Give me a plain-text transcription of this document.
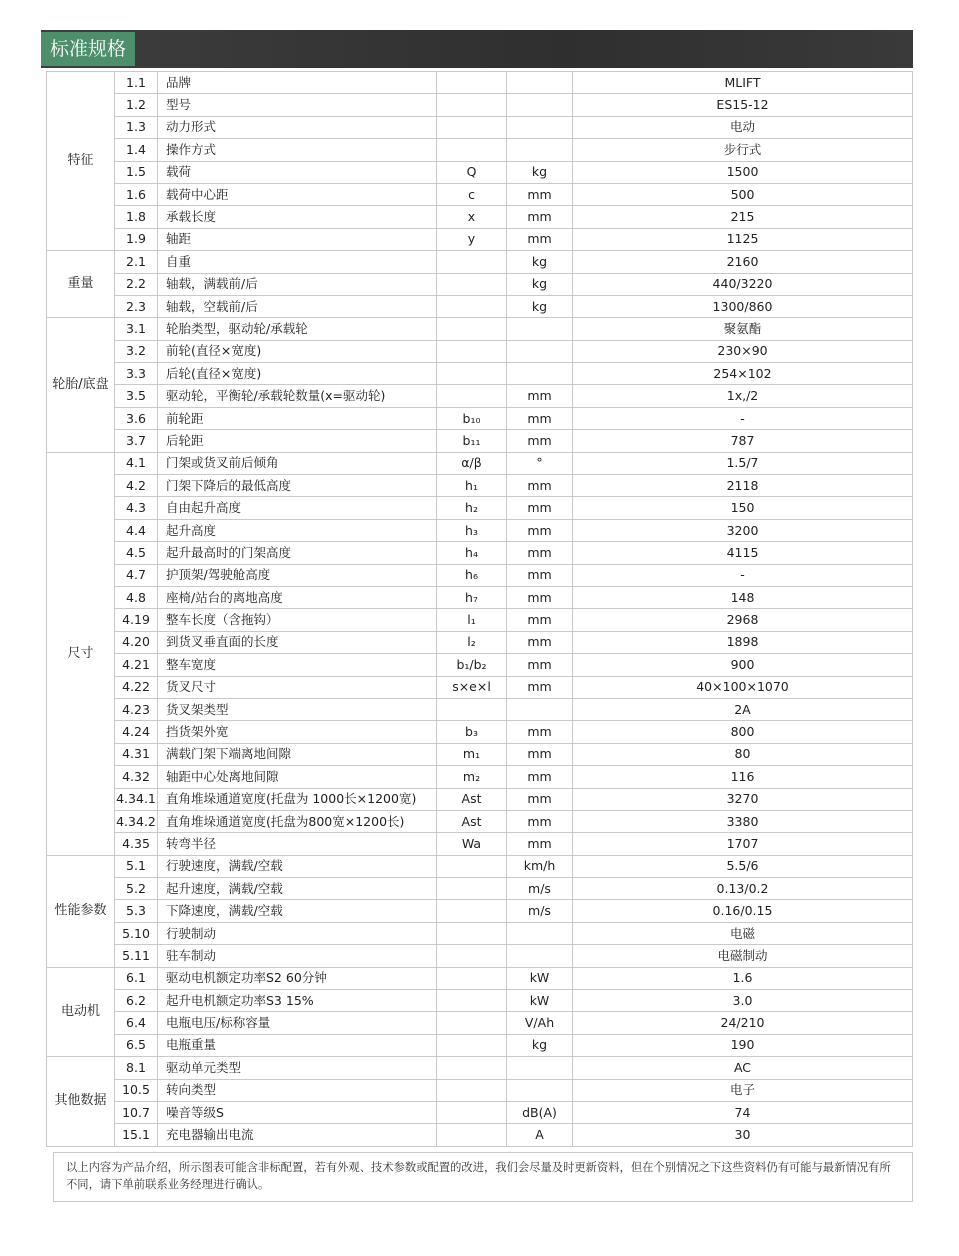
标准规格
特征	1.1	品牌			MLIFT
	1.2	型号			ES15-12
	1.3	动力形式			电动
	1.4	操作方式			步行式
	1.5	载荷	Q	kg	1500
	1.6	载荷中心距	c	mm	500
	1.8	承载长度	x	mm	215
	1.9	轴距	y	mm	1125
重量	2.1	自重		kg	2160
	2.2	轴载，满载前/后		kg	440/3220
	2.3	轴载，空载前/后		kg	1300/860
轮胎/底盘	3.1	轮胎类型，驱动轮/承载轮			聚氨酯
	3.2	前轮(直径×宽度)			230×90
	3.3	后轮(直径×宽度)			254×102
	3.5	驱动轮，平衡轮/承载轮数量(x=驱动轮)		mm	1x,/2
	3.6	前轮距	b₁₀	mm	-
	3.7	后轮距	b₁₁	mm	787
尺寸	4.1	门架或货叉前后倾角	α/β	°	1.5/7
	4.2	门架下降后的最低高度	h₁	mm	2118
	4.3	自由起升高度	h₂	mm	150
	4.4	起升高度	h₃	mm	3200
	4.5	起升最高时的门架高度	h₄	mm	4115
	4.7	护顶架/驾驶舱高度	h₆	mm	-
	4.8	座椅/站台的离地高度	h₇	mm	148
	4.19	整车长度（含拖钩）	l₁	mm	2968
	4.20	到货叉垂直面的长度	l₂	mm	1898
	4.21	整车宽度	b₁/b₂	mm	900
	4.22	货叉尺寸	s×e×l	mm	40×100×1070
	4.23	货叉架类型			2A
	4.24	挡货架外宽	b₃	mm	800
	4.31	满载门架下端离地间隙	m₁	mm	80
	4.32	轴距中心处离地间隙	m₂	mm	116
	4.34.1	直角堆垛通道宽度(托盘为 1000长×1200宽)	Ast	mm	3270
	4.34.2	直角堆垛通道宽度(托盘为800宽×1200长)	Ast	mm	3380
	4.35	转弯半径	Wa	mm	1707
性能参数	5.1	行驶速度，满载/空载		km/h	5.5/6
	5.2	起升速度，满载/空载		m/s	0.13/0.2
	5.3	下降速度，满载/空载		m/s	0.16/0.15
	5.10	行驶制动			电磁
	5.11	驻车制动			电磁制动
电动机	6.1	驱动电机额定功率S2 60分钟		kW	1.6
	6.2	起升电机额定功率S3 15%		kW	3.0
	6.4	电瓶电压/标称容量		V/Ah	24/210
	6.5	电瓶重量		kg	190
其他数据	8.1	驱动单元类型			AC
	10.5	转向类型			电子
	10.7	噪音等级S		dB(A)	74
	15.1	充电器输出电流		A	30
以上内容为产品介绍，所示图表可能含非标配置，若有外观、技术参数或配置的改进，我们会尽量及时更新资料，但在个别情况之下这些资料仍有可能与最新情况有所不同，请下单前联系业务经理进行确认。
